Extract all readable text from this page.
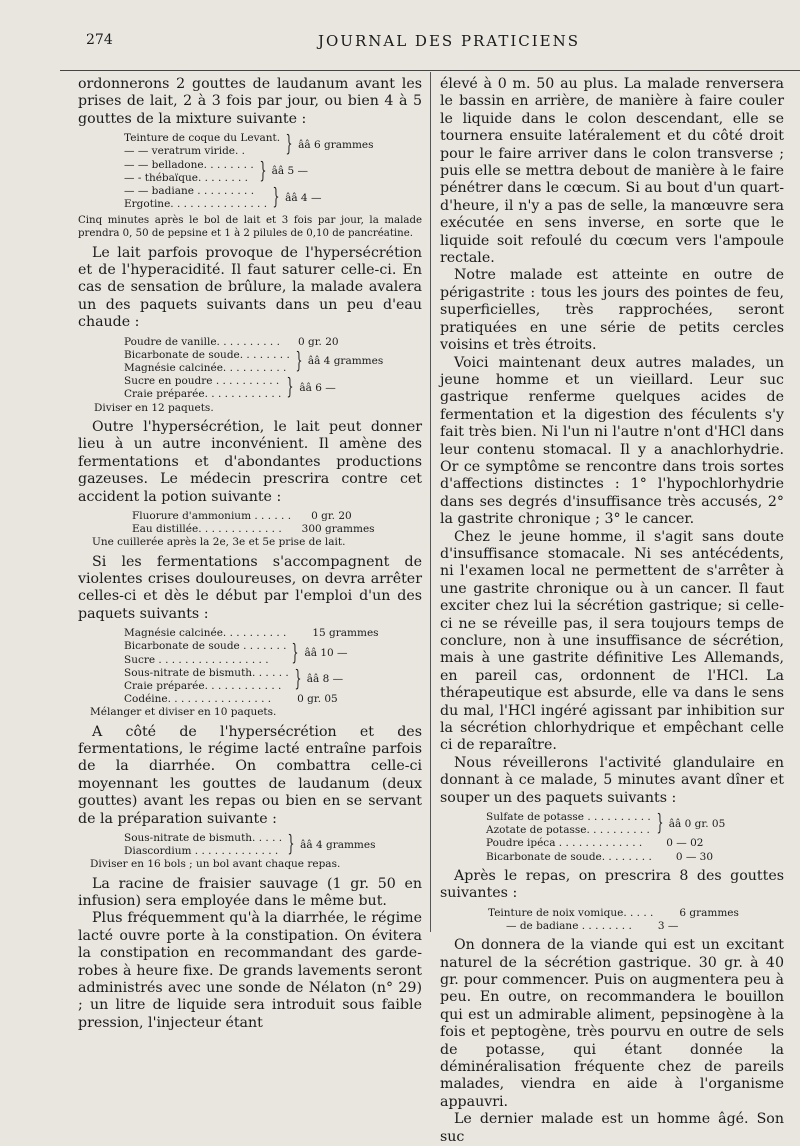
274	JOURNAL DES PRATICIENS

ordonnerons 2 gouttes de laudanum avant les prises de lait, 2 à 3 fois par jour, ou bien 4 à 5 gouttes de la mixture suivante :

Teinture de coque du Levant.
— — veratrum viride. .	} ââ 6 grammes
— — belladone. . . . . . . .
— - thébaïque. . . . . . . . } ââ 5 —
— — badiane . . . . . . . . .
Ergotine. . . . . . . . . . . . . . . } ââ 4 —

Cinq minutes après le bol de lait et 3 fois par jour, la malade prendra 0, 50 de pepsine et 1 à 2 pilules de 0,10 de pancréatine.

Le lait parfois provoque de l'hypersécrétion et de l'hyperacidité. Il faut saturer celle-ci. En cas de sensation de brûlure, la malade avalera un des paquets suivants dans un peu d'eau chaude :

Poudre de vanille. . . . . . . . . . 0 gr. 20
Bicarbonate de soude. . . . . . . .
Magnésie calcinée. . . . . . . . . . } ââ 4 grammes
Sucre en poudre . . . . . . . . . .
Craie préparée. . . . . . . . . . . . } ââ 6 —
Diviser en 12 paquets.

Outre l'hypersécrétion, le lait peut donner lieu à un autre inconvénient. Il amène des fermentations et d'abondantes productions gazeuses. Le médecin prescrira contre cet accident la potion suivante :

Fluorure d'ammonium . . . . . . 0 gr. 20
Eau distillée. . . . . . . . . . . . . 300 grammes
Une cuillerée après la 2e, 3e et 5e prise de lait.

Si les fermentations s'accompagnent de violentes crises douloureuses, on devra arrêter celles-ci et dès le début par l'emploi d'un des paquets suivants :

Magnésie calcinée. . . . . . . . . . 15 grammes
Bicarbonate de soude . . . . . . .
Sucre . . . . . . . . . . . . . . . . .	} ââ 10 —
Sous-nitrate de bismuth. . . . . .
Craie préparée. . . . . . . . . . . . } ââ 8 —
Codéine. . . . . . . . . . . . . . . . 0 gr. 05
Mélanger et diviser en 10 paquets.

A côté de l'hypersécrétion et des fermentations, le régime lacté entraîne parfois de la diarrhée. On combattra celle-ci moyennant les gouttes de laudanum (deux gouttes) avant les repas ou bien en se servant de la préparation suivante :

Sous-nitrate de bismuth. . . . .
Diascordium . . . . . . . . . . . . . } ââ 4 grammes
Diviser en 16 bols ; un bol avant chaque repas.

La racine de fraisier sauvage (1 gr. 50 en infusion) sera employée dans le même but.

Plus fréquemment qu'à la diarrhée, le régime lacté ouvre porte à la constipation. On évitera la constipation en recommandant des garde-robes à heure fixe. De grands lavements seront administrés avec une sonde de Nélaton (n° 29) ; un litre de liquide sera introduit sous faible pression, l'injecteur étant

élevé à 0 m. 50 au plus. La malade renversera le bassin en arrière, de manière à faire couler le liquide dans le colon descendant, elle se tournera ensuite latéralement et du côté droit pour le faire arriver dans le colon transverse ; puis elle se mettra debout de manière à le faire pénétrer dans le cœcum. Si au bout d'un quart-d'heure, il n'y a pas de selle, la manœuvre sera exécutée en sens inverse, en sorte que le liquide soit refoulé du cœcum vers l'ampoule rectale.

Notre malade est atteinte en outre de périgastrite : tous les jours des pointes de feu, superficielles, très rapprochées, seront pratiquées en une série de petits cercles voisins et très étroits.

Voici maintenant deux autres malades, un jeune homme et un vieillard. Leur suc gastrique renferme quelques acides de fermentation et la digestion des féculents s'y fait très bien. Ni l'un ni l'autre n'ont d'HCl dans leur contenu stomacal. Il y a anachlorhydrie. Or ce symptôme se rencontre dans trois sortes d'affections distinctes : 1° l'hypochlorhydrie dans ses degrés d'insuffisance très accusés, 2° la gastrite chronique ; 3° le cancer.

Chez le jeune homme, il s'agit sans doute d'insuffisance stomacale. Ni ses antécédents, ni l'examen local ne permettent de s'arrêter à une gastrite chronique ou à un cancer. Il faut exciter chez lui la sécrétion gastrique; si celle-ci ne se réveille pas, il sera toujours temps de conclure, non à une insuffisance de sécrétion, mais à une gastrite définitive Les Allemands, en pareil cas, ordonnent de l'HCl. La thérapeutique est absurde, elle va dans le sens du mal, l'HCl ingéré agissant par inhibition sur la sécrétion chlorhydrique et empêchant celle ci de reparaître.

Nous réveillerons l'activité glandulaire en donnant à ce malade, 5 minutes avant dîner et souper un des paquets suivants :

Sulfate de potasse . . . . . . . . . .
Azotate de potasse. . . . . . . . . . } ââ 0 gr. 05
Poudre ipéca . . . . . . . . . . . . . 0 — 02
Bicarbonate de soude. . . . . . . . 0 — 30

Après le repas, on prescrira 8 des gouttes suivantes :

Teinture de noix vomique. . . . . 6 grammes
— de badiane . . . . . . . . 3 —

On donnera de la viande qui est un excitant naturel de la sécrétion gastrique. 30 gr. à 40 gr. pour commencer. Puis on augmentera peu à peu. En outre, on recommandera le bouillon qui est un admirable aliment, pepsinogène à la fois et peptogène, très pourvu en outre de sels de potasse, qui étant donnée la déminéralisation fréquente chez de pareils malades, viendra en aide à l'organisme appauvri.

Le dernier malade est un homme âgé. Son suc
